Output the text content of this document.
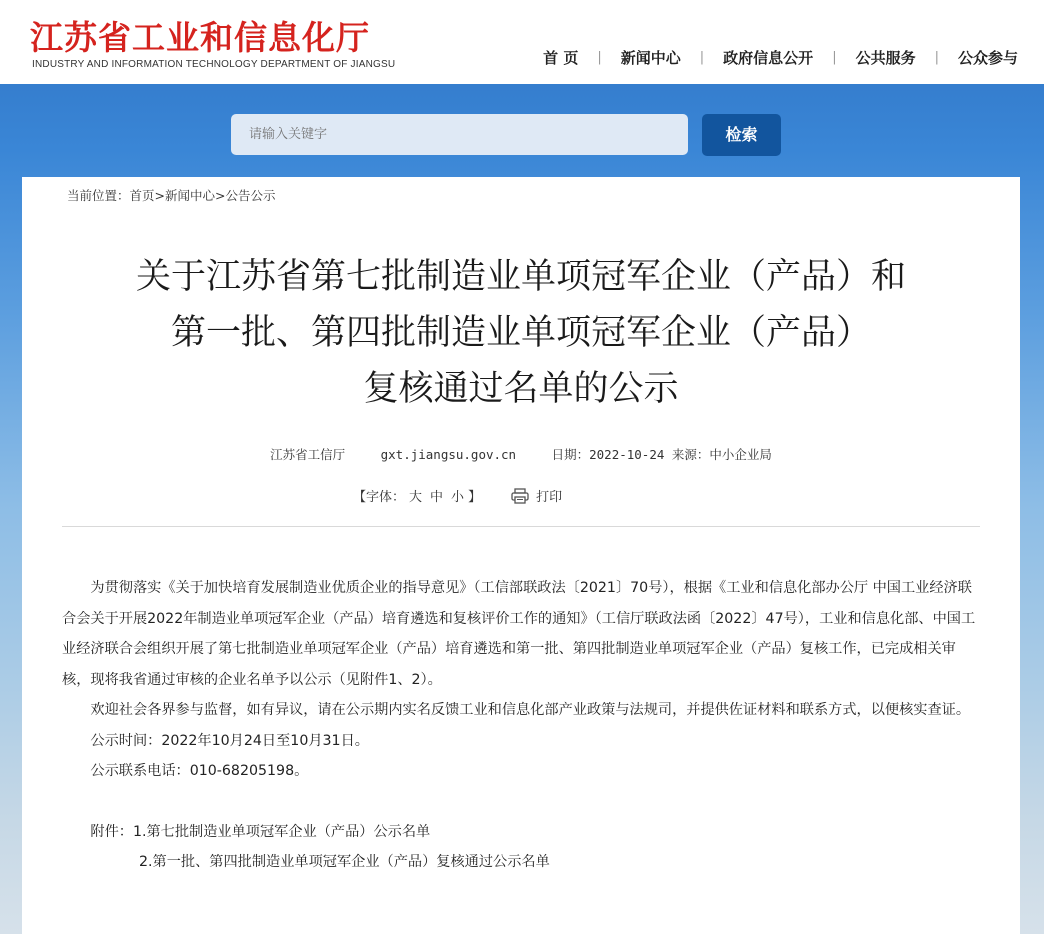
江苏省工业和信息化厅
INDUSTRY AND INFORMATION TECHNOLOGY DEPARTMENT OF JIANGSU	首 页 | 新闻中心 | 政府信息公开 | 公共服务 | 公众参与
请输入关键字
检索
当前位置：首页>新闻中心>公告公示
关于江苏省第七批制造业单项冠军企业（产品）和
第一批、第四批制造业单项冠军企业（产品）
复核通过名单的公示
江苏省工信厅	gxt.jiangsu.gov.cn	日期：2022-10-24 来源：中小企业局
【字体： 大 中 小 】	打印
为贯彻落实《关于加快培育发展制造业优质企业的指导意见》（工信部联政法〔2021〕70号），根据《工业和信息化部办公厅 中国工业经济联合会关于开展2022年制造业单项冠军企业（产品）培育遴选和复核评价工作的通知》（工信厅联政法函〔2022〕47号），工业和信息化部、中国工业经济联合会组织开展了第七批制造业单项冠军企业（产品）培育遴选和第一批、第四批制造业单项冠军企业（产品）复核工作，已完成相关审核，现将我省通过审核的企业名单予以公示（见附件1、2）。
欢迎社会各界参与监督，如有异议，请在公示期内实名反馈工业和信息化部产业政策与法规司，并提供佐证材料和联系方式，以便核实查证。
公示时间：2022年10月24日至10月31日。
公示联系电话：010-68205198。
附件：1.第七批制造业单项冠军企业（产品）公示名单
2.第一批、第四批制造业单项冠军企业（产品）复核通过公示名单
